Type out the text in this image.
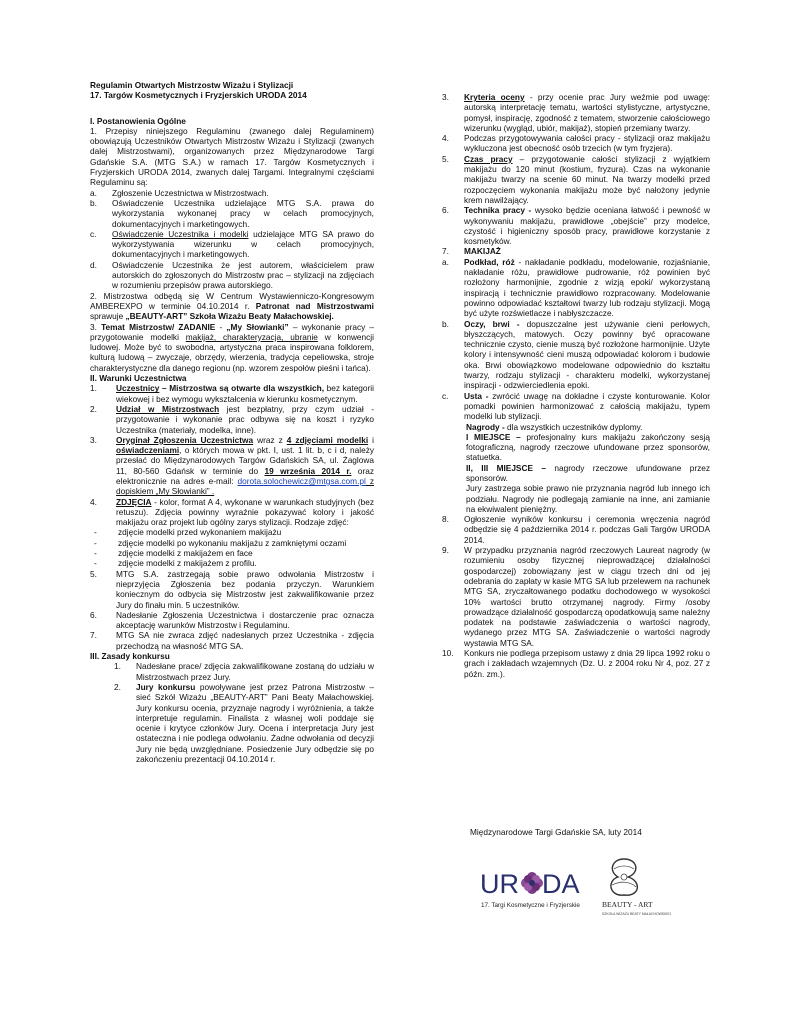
Regulamin Otwartych Mistrzostw Wizażu i Stylizacji

17. Targów Kosmetycznych i Fryzjerskich URODA 2014

I. Postanowienia Ogólne

1. Przepisy niniejszego Regulaminu (zwanego dalej Regulaminem) obowiązują Uczestników Otwartych Mistrzostw Wizażu i Stylizacji (zwanych dalej Mistrzostwami), organizowanych przez Międzynarodowe Targi Gdańskie S.A. (MTG S.A.) w ramach 17. Targów Kosmetycznych i Fryzjerskich URODA 2014, zwanych dalej Targami. Integralnymi częściami Regulaminu są:

a.	Zgłoszenie Uczestnictwa w Mistrzostwach.
b.	Oświadczenie Uczestnika udzielające MTG S.A. prawa do wykorzystania wykonanej pracy w celach promocyjnych, dokumentacyjnych i marketingowych.
c.	Oświadczenie Uczestnika i modelki udzielające MTG SA prawo do wykorzystywania wizerunku w celach promocyjnych, dokumentacyjnych i marketingowych.
d.	Oświadczenie Uczestnika że jest autorem, właścicielem praw autorskich do zgłoszonych do Mistrzostw prac – stylizacji na zdjęciach w rozumieniu przepisów prawa autorskiego.

2. Mistrzostwa odbędą się W Centrum Wystawienniczo-Kongresowym AMBEREXPO w terminie 04.10.2014 r. Patronat nad Mistrzostwami sprawuje „BEAUTY-ART” Szkoła Wizażu Beaty Małachowskiej.

3. Temat Mistrzostw/ ZADANIE - „My Słowianki” – wykonanie pracy – przygotowanie modelki makijaż, charakteryzacja, ubranie w konwencji ludowej. Może być to swobodna, artystyczna praca inspirowana folklorem, kulturą ludową – zwyczaje, obrzędy, wierzenia, tradycja cepeliowska, stroje charakterystyczne dla danego regionu (np. wzorem zespołów pieśni i tańca).

II. Warunki Uczestnictwa

1.	Uczestnicy – Mistrzostwa są otwarte dla wszystkich, bez kategorii wiekowej i bez wymogu wykształcenia w kierunku kosmetycznym.
2.	Udział w Mistrzostwach jest bezpłatny, przy czym udział - przygotowanie i wykonanie prac odbywa się na koszt i ryzyko Uczestnika (materiały, modelka, inne).
3.	Oryginał Zgłoszenia Uczestnictwa wraz z 4 zdjęciami modelki i oświadczeniami, o których mowa w pkt. I, ust. 1 lit. b, c i d, należy przesłać do Międzynarodowych Targów Gdańskich SA, ul. Żaglowa 11, 80-560 Gdańsk w terminie do 19 września 2014 r. oraz elektronicznie na adres e-mail: dorota.solochewicz@mtgsa.com.pl z dopiskiem „My Słowianki” .
4.	ZDJĘCIA - kolor, format A 4, wykonane w warunkach studyjnych (bez retuszu). Zdjęcia powinny wyraźnie pokazywać kolory i jakość makijażu oraz projekt lub ogólny zarys stylizacji. Rodzaje zdjęć:
-	zdjęcie modelki przed wykonaniem makijażu
-	zdjęcie modelki po wykonaniu makijażu z zamkniętymi oczami
-	zdjęcie modelki z makijażem en face
-	zdjęcie modelki z makijażem z profilu.
5.	MTG S.A. zastrzegają sobie prawo odwołania Mistrzostw i nieprzyjęcia Zgłoszenia bez podania przyczyn. Warunkiem koniecznym do odbycia się Mistrzostw jest zakwalifikowanie przez Jury do finału min. 5 uczestników.
6.	Nadesłanie Zgłoszenia Uczestnictwa i dostarczenie prac oznacza akceptację warunków Mistrzostw i Regulaminu.
7.	MTG SA nie zwraca zdjęć nadesłanych przez Uczestnika - zdjęcia przechodzą na własność MTG SA.

III. Zasady konkursu

1.	Nadesłane prace/ zdjęcia zakwalifikowane zostaną do udziału w Mistrzostwach przez Jury.
2.	Jury konkursu powoływane jest przez Patrona Mistrzostw – sieć Szkół Wizażu „BEAUTY-ART” Pani Beaty Małachowskiej. Jury konkursu ocenia, przyznaje nagrody i wyróżnienia, a także interpretuje regulamin. Finalista z własnej woli poddaje się ocenie i krytyce członków Jury. Ocena i interpretacja Jury jest ostateczna i nie podlega odwołaniu. Żadne odwołania od decyzji Jury nie będą uwzględniane. Posiedzenie Jury odbędzie się po zakończeniu prezentacji 04.10.2014 r.
3.	Kryteria oceny - przy ocenie prac Jury weźmie pod uwagę: autorską interpretację tematu, wartości stylistyczne, artystyczne, pomysł, inspirację, zgodność z tematem, stworzenie całościowego wizerunku (wygląd, ubiór, makijaż), stopień przemiany twarzy.
4.	Podczas przygotowywania całości pracy - stylizacji oraz makijażu wykluczona jest obecność osób trzecich (w tym fryzjera).
5.	Czas pracy – przygotowanie całości stylizacji z wyjątkiem makijażu do 120 minut (kostium, fryzura). Czas na wykonanie makijażu twarzy na scenie 60 minut. Na twarzy modelki przed rozpoczęciem wykonania makijażu może być nałożony jedynie krem nawilżający.
6.	Technika pracy - wysoko będzie oceniana łatwość i pewność w wykonywaniu makijażu, prawidłowe „obejście” przy modelce, czystość i higieniczny sposób pracy, prawidłowe korzystanie z kosmetyków.
7.	MAKIJAŻ
a.	Podkład, róż - nakładanie podkładu, modelowanie, rozjaśnianie, nakładanie różu, prawidłowe pudrowanie, róż powinien być rozłożony harmonijnie, zgodnie z wizją epoki/ wykorzystaną inspiracją i technicznie prawidłowo rozpracowany. Modelowanie powinno odpowiadać kształtowi twarzy lub rodzaju stylizacji. Mogą być użyte rozświetlacze i nabłyszczacze.
b.	Oczy, brwi - dopuszczalne jest używanie cieni perłowych, błyszczących, matowych. Oczy powinny być opracowane technicznie czysto, cienie muszą być rozłożone harmonijnie. Użyte kolory i intensywność cieni muszą odpowiadać kolorom i budowie oka. Brwi obowiązkowo modelowane odpowiednio do kształtu twarzy, rodzaju stylizacji - charakteru modelki, wykorzystanej inspiracji - odzwierciedlenia epoki.
c.	Usta - zwrócić uwagę na dokładne i czyste konturowanie. Kolor pomadki powinien harmonizować z całością makijażu, typem modelki lub stylizacji.

Nagrody - dla wszystkich uczestników dyplomy.

I MIEJSCE – profesjonalny kurs makijażu zakończony sesją fotograficzną, nagrody rzeczowe ufundowane przez sponsorów, statuetka.

II, III MIEJSCE – nagrody rzeczowe ufundowane przez sponsorów.

Jury zastrzega sobie prawo nie przyznania nagród lub innego ich podziału. Nagrody nie podlegają zamianie na inne, ani zamianie na ekwiwalent pieniężny.

8.	Ogłoszenie wyników konkursu i ceremonia wręczenia nagród odbędzie się 4 października 2014 r. podczas Gali Targów URODA 2014.
9.	W przypadku przyznania nagród rzeczowych Laureat nagrody (w rozumieniu osoby fizycznej nieprowadzącej działalności gospodarczej) zobowiązany jest w ciągu trzech dni od jej odebrania do zapłaty w kasie MTG SA lub przelewem na rachunek MTG SA, zryczałtowanego podatku dochodowego w wysokości 10% wartości brutto otrzymanej nagrody. Firmy /osoby prowadzące działalność gospodarczą opodatkowują same należny podatek na podstawie zaświadczenia o wartości nagrody, wydanego przez MTG SA. Zaświadczenie o wartości nagrody wystawia MTG SA.
10.	Konkurs nie podlega przepisom ustawy z dnia 29 lipca 1992 roku o grach i zakładach wzajemnych (Dz. U. z 2004 roku Nr 4, poz. 27 z późn. zm.).

Międzynarodowe Targi Gdańskie SA, luty 2014

UR DA
17. Targi Kosmetyczne i Fryzjerskie	BEAUTY - ART
SZKOŁA WIZAŻU BEATY MAŁACHOWSKIEJ
